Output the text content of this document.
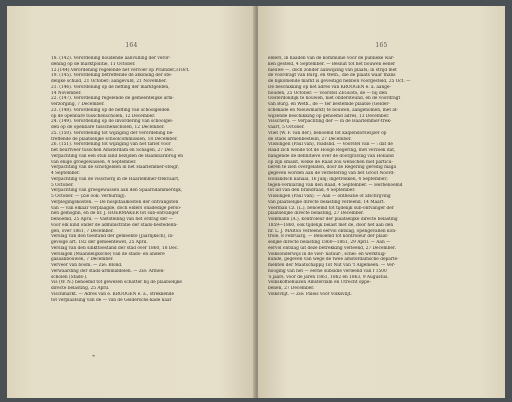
164
18. (142). Verordening houdende aanvulling der veror-
dening op de marktpolitie, 11 October.
12.(144).Verordening regelende het vervoer op Pramder,31Oct.
19. (145). Verordening betreffende de afkondig der ste-
delijke schuld, 21 October; aangevuld, 21 November.
21. (146). Verordening op de heffing der marktgelden,
14 November.
22. (147). Verordening regelende de gemeentelijke arm-
verzorging, 7 December.
23. (148). Verordening op de heffing van schoolgelden
op de openbare tusschenscholen, 12 December.
24. (149). Verordening op de invordering van schoolgel-
den op de openbare tusschenscholen, 12 December.
25. (150). Verordening tot wijziging der verordening be-
treffende de plaatselijke schoolcommissiën, 18 December.
26. (151). Verordening tot wijziging van het tarief voor
het beurtveer tusschen Amsterdam en Schagen, 27 Dec.
Verpachting van een stuk land bezijden de Baambaribrug en
van enige groegewassen, 4 September.
Verpachting van de schotgelden in het Haarlemmer-steigr,
4 September.
Verpachting van de visscherij in de Haarlemmer-trekvaart,
5 October.
Verpachting van groegewassen aan den Spaarndammerdijk,
5 October. — (Zie ook: Verhuring).
Verplegingskosten. — De hospitaalkosten der ontvangsten
van — van elkaar verplaagde, doch elders onadedige perso-
nen gemoghn, en de hr. J. HOERMAKER tot sub-ontvanger
benoemd, 25 April. — Vaststelling van het ordrag der —
voor elk kind onder de administratie der stads-bestedelin-
gen, over 1861, 7 December.
Verslag van den toestand der gemeente (Jaarlijksch), in-
gevolge art. 182 der gemeentewet, 25 April.
Verslag van den sinkttoestand der stad over 1860, 18 Dec.
Verslagen (Maandelijksche) van de stads- en andere
gasaanbouwen, 7 December.
Verveer van boom. — Zie: Blond.
Verwaarding der stads-armmiddelen. — Zie: Armen-
scholen (Stads-).
Vis (W. N.) benoemd tot gewezen schatter bij de plaatselijke
directe belasting, 25 April.
Vischmarkt. — Adres van e. KROOGEN e. a., strekkende
tot verplaatsing van de — van de Gelderschs-kade naar
❧
165
elders, in haaden van de kommunie voor de publieke war-
ken gesteld, 4 September. — Besluit tot het bouwen eener
nieuwe —, doch zonder aanwijzing van plaats; in strijd met
de voordragt van Burg. en Weth., die de plaats waar thans
de bijkomende markt is gevestigd hebben voorgesteld, 25 Oct. —
De beschikking op het adres van KROOGEN e. a. aange-
houden, 25 October. — Voorstel ZEGERS, de — bij den
Oosterdokdijk te houwen, niet ondersteund, en de voordragt
van Burg. en Weth., de — ter bestemde plaatse (Gelder-
schekade en Nieuwmarkt) te bouwen, aangenomen, met af-
wijzende beschikking op genoemd adres, 13 December.
Visscherij. — Verpachting der — in de Haarlemmer-trek-
vaart, 5 October.
Vliet (W. F. van der), benoemd tot kalpendorswijzer op
de stads armenbestelin, 27 December.
Vlissingen (Paul van), roadslid. — Voorstel van — : dat de
Raad zich wende tot de Hooge Regering, met verzoek dat,
hangende de definitieve over de doorgraving van Holland
op zijn smalst, welke de Raad zou wenschen met particu-
lieren te zien overgelaten, door de Regering geredig maga
gegeven worden aan de verbetering van het Groot Noord-
Hollandsch kanaal, 16 Julij; ingetrokken, 4 September;
tegen-verklaring van den Raad, 4 September. — Herbenoemd
tot lid van den brandraad, 4 September.
Vlissingen (Paul van). — Aan — ontheatie of afschrijving
van plaatselijke directe belasting verleend, 14 Maart.
Voerman Cz. (L.), benoemd tot tijdelijk sub-ontvanger der
plaatselijke directe belasting, 27 December.
Volkmann (A.), kontroleur der plaatselijke directe belasting
1859—1860, ook tijdelijk belast met de, door het aan den
hr. L. J. MARSS verleend eervol ontslag, opengevallen kon-
trôle, 8 Februarij. — Benoemd tot kontroleur der plaat-
selijke directe belasting 1860—1861, 29 April. — Aan —
eervol ontslag uit deze betrekking verleend, 27 December.
Volksonderwijs in de vier- natuur-, schei- en werktuig-
kunde, gegeven van wege de twee amsterdamsche departe-
menten der Maatschappij Tot Nut van 't Algemeen. — Ver-
hooging van het — eerne subsidie verleend van f 1500
's jaars, voor de jaren 1861, 1862 en 1863, 9 Augustus.
Volkskoffiehuizen Amsterdam en Utrecht oppe-
benen, 27 December.
Volksvlijt. — Zie: Paleis voor volksvlijt.
